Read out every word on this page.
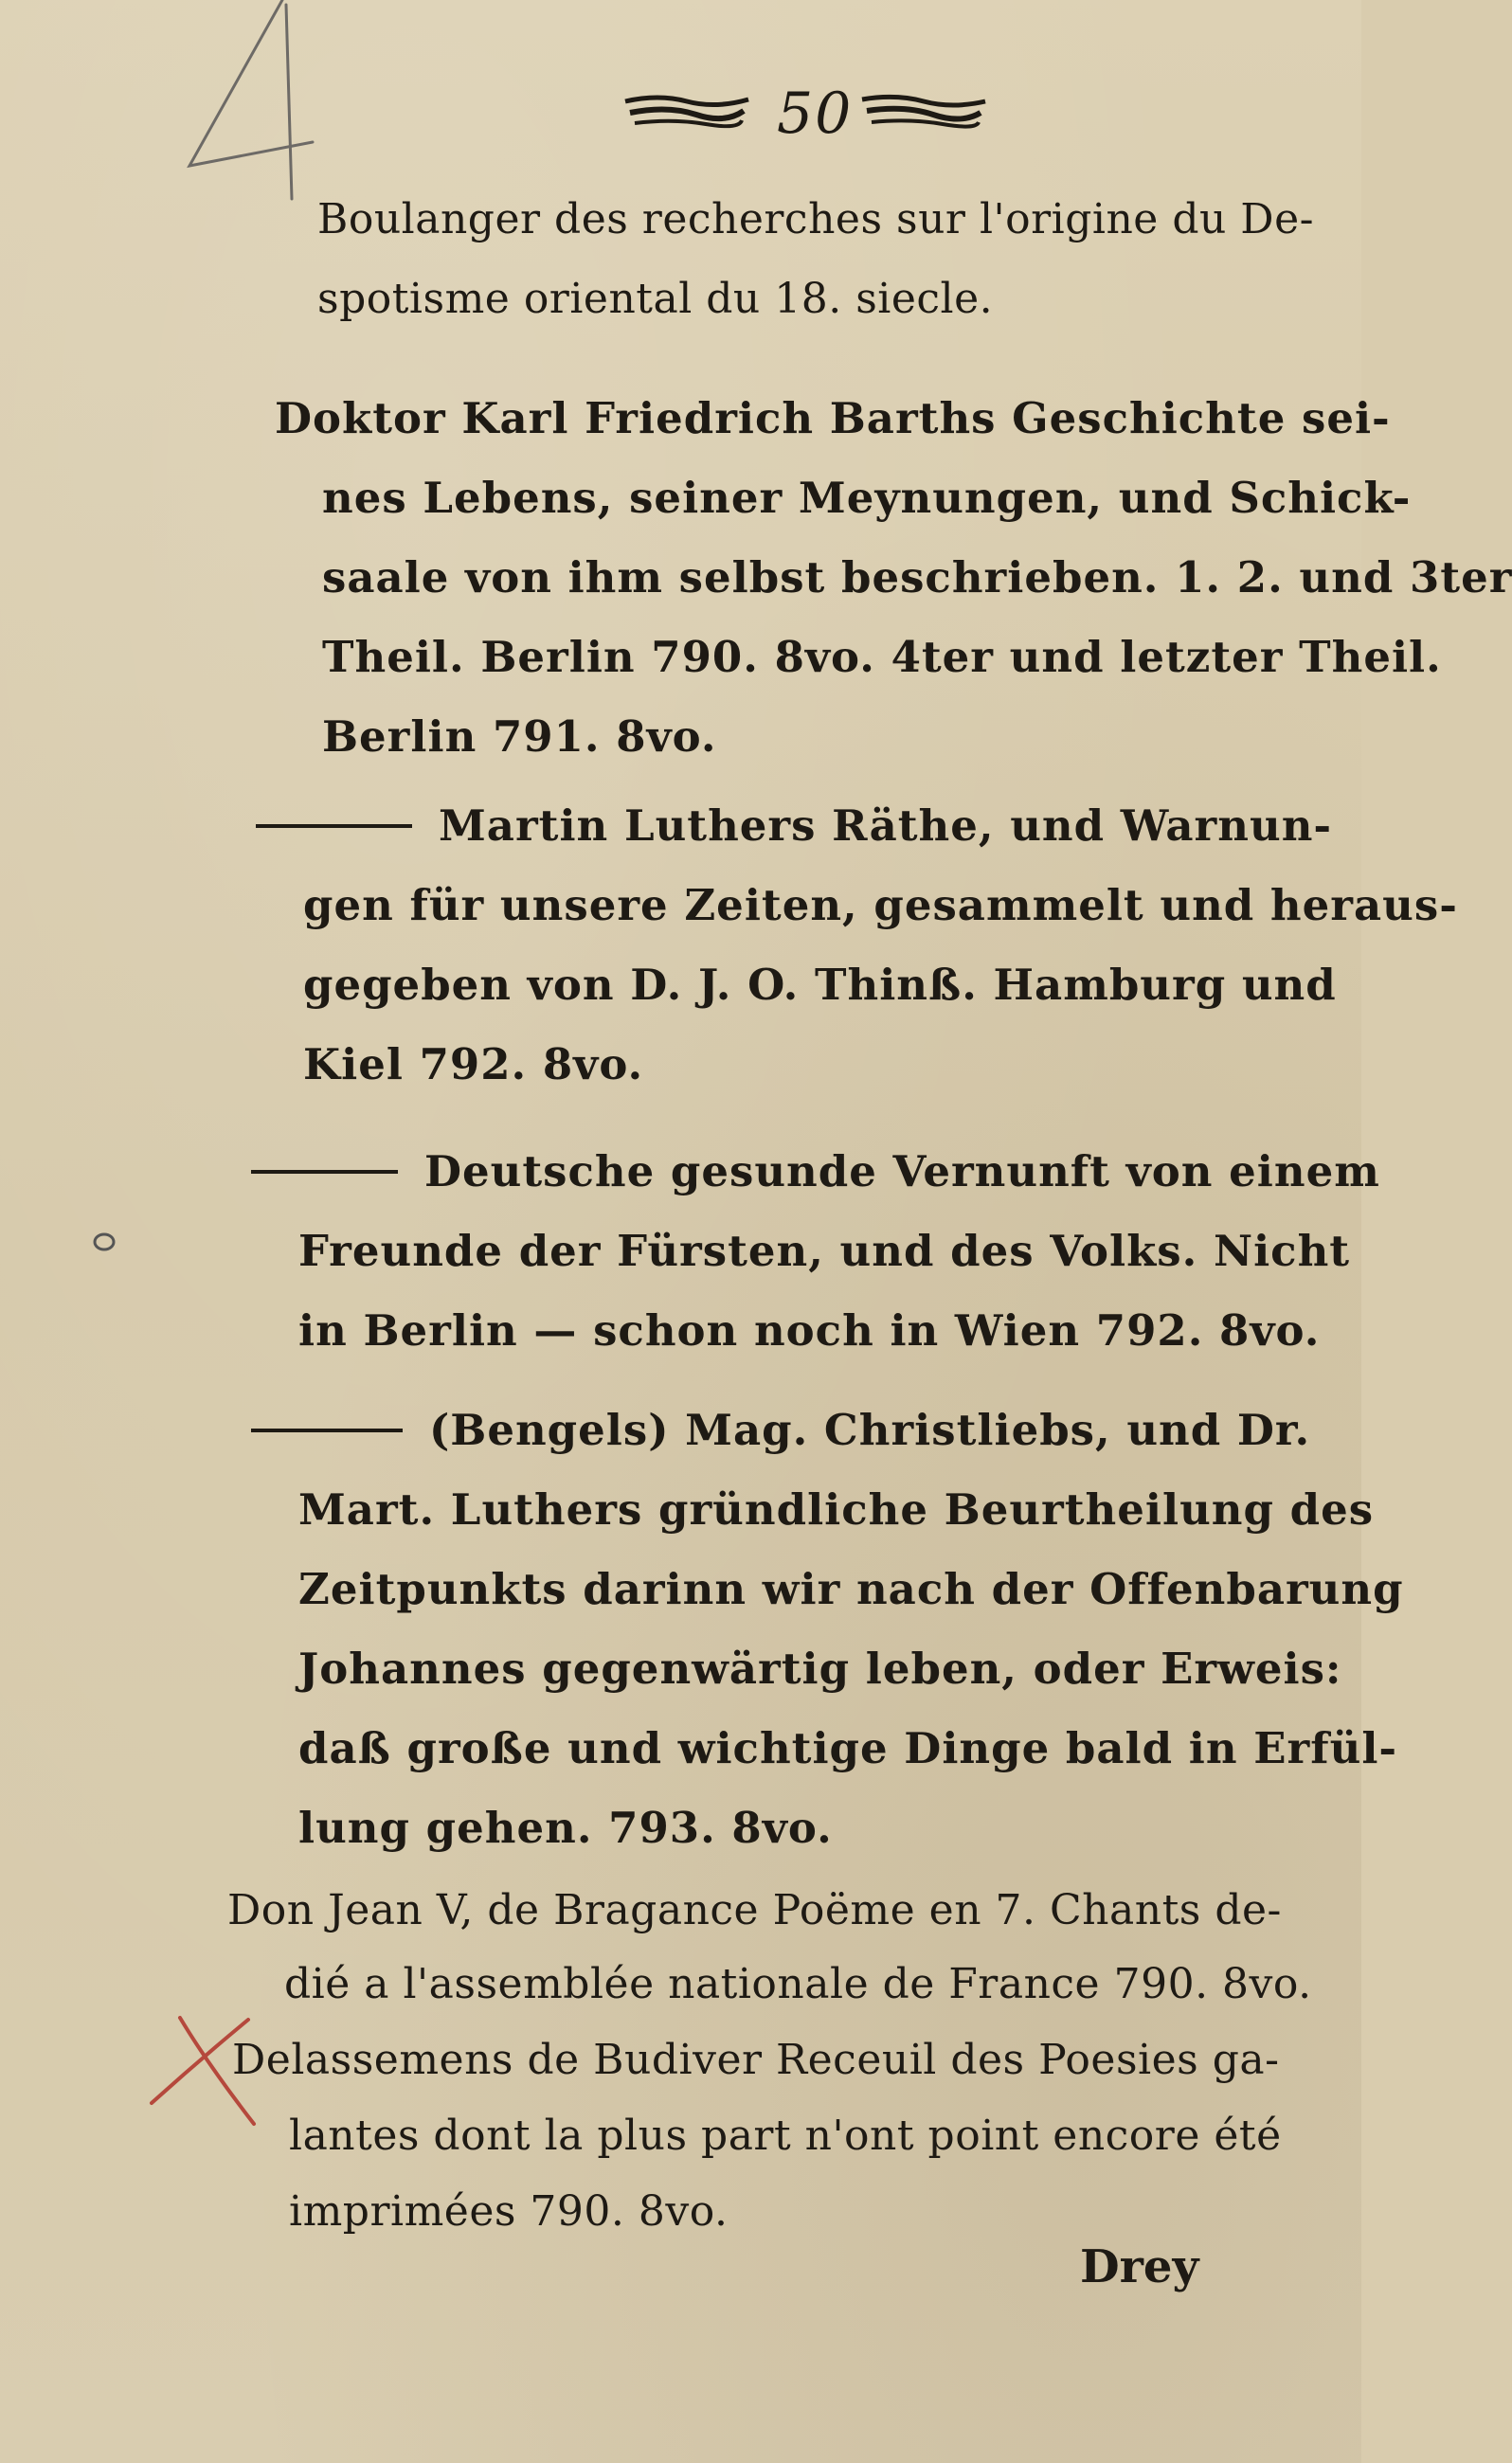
50
Boulanger des recherches sur l'origine du De-
spotisme oriental du 18. siecle.
Doktor Karl Friedrich Barths Geschichte sei-
nes Lebens, seiner Meynungen, und Schick-
saale von ihm selbst beschrieben. 1. 2. und 3ter
Theil. Berlin 790. 8vo. 4ter und letzter Theil.
Berlin 791. 8vo.
Martin Luthers Räthe, und Warnun-
gen für unsere Zeiten, gesammelt und heraus-
gegeben von D. J. O. Thinß. Hamburg und
Kiel 792. 8vo.
Deutsche gesunde Vernunft von einem
Freunde der Fürsten, und des Volks. Nicht
in Berlin — schon noch in Wien 792. 8vo.
(Bengels) Mag. Christliebs, und Dr.
Mart. Luthers gründliche Beurtheilung des
Zeitpunkts darinn wir nach der Offenbarung
Johannes gegenwärtig leben, oder Erweis:
daß große und wichtige Dinge bald in Erfül-
lung gehen. 793. 8vo.
Don Jean V, de Bragance Poëme en 7. Chants de-
dié a l'assemblée nationale de France 790. 8vo.
Delassemens de Budiver Receuil des Poesies ga-
lantes dont la plus part n'ont point encore été
imprimées 790. 8vo.
Drey
